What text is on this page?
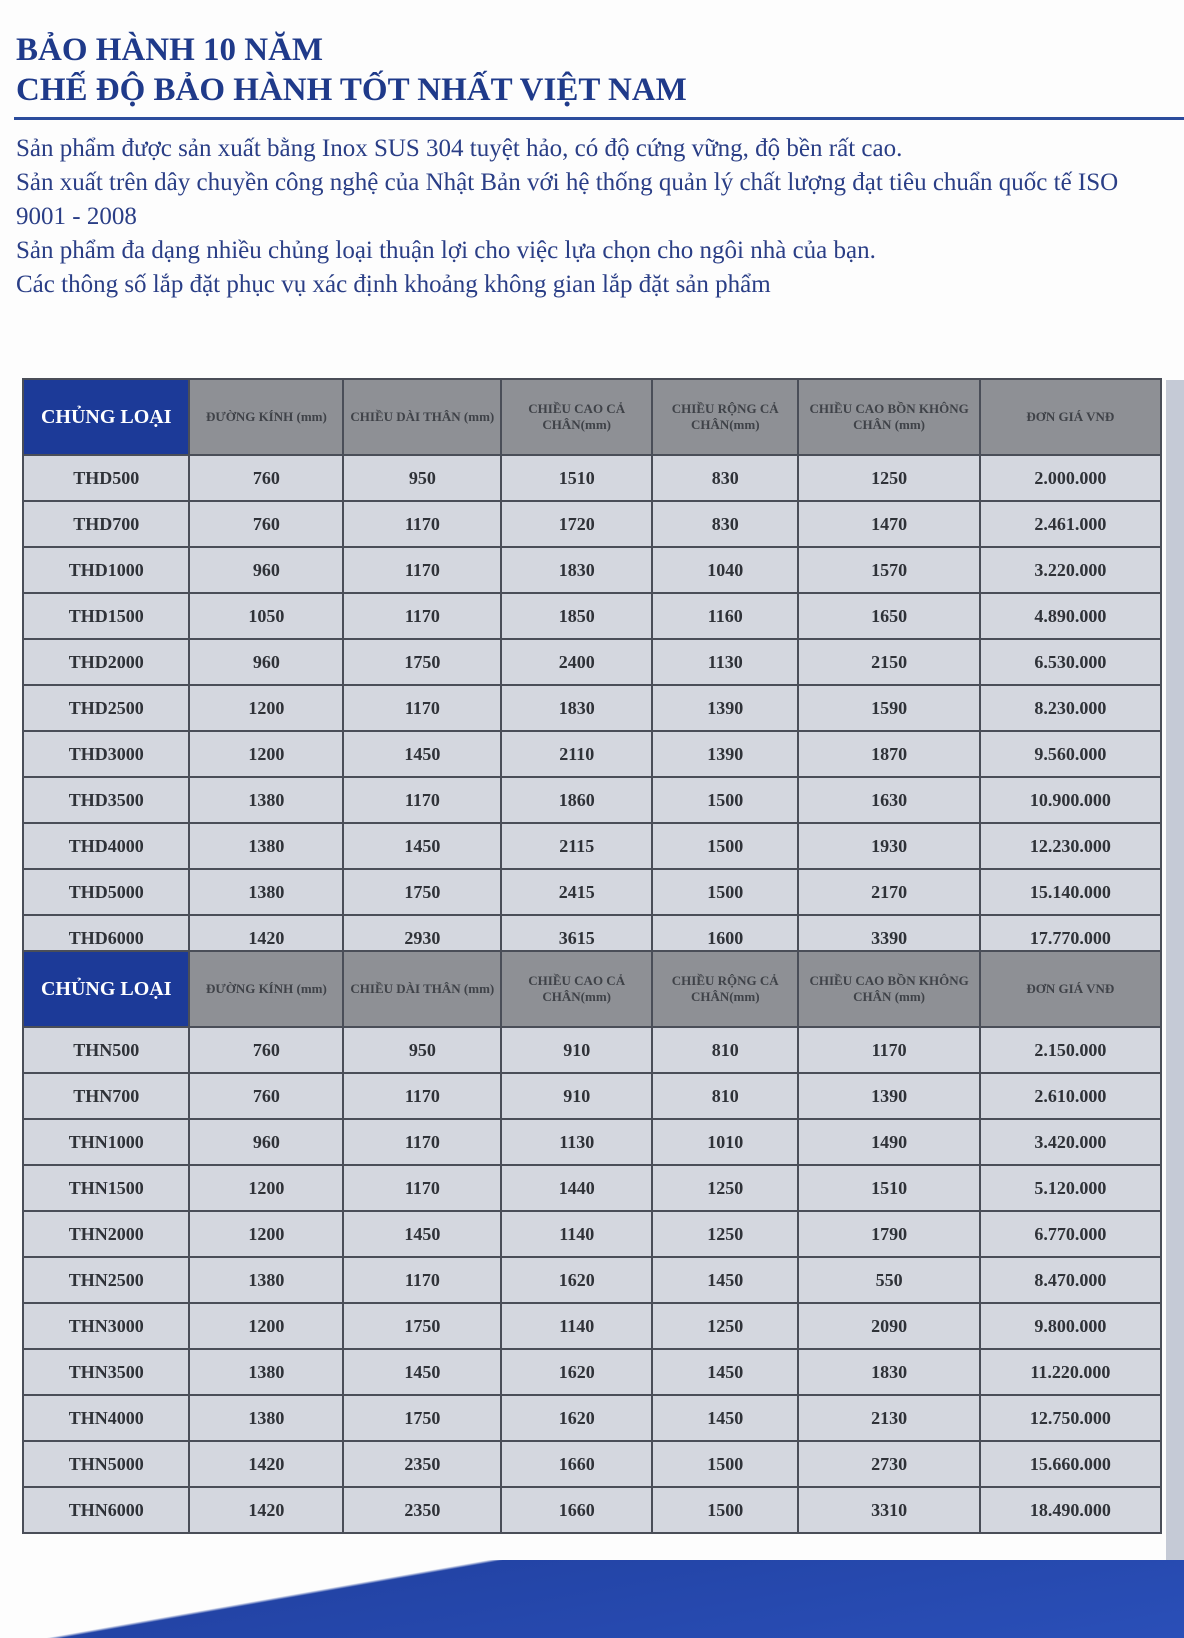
BẢO HÀNH 10 NĂM
CHẾ ĐỘ BẢO HÀNH TỐT NHẤT VIỆT NAM

Sản phẩm được sản xuất bằng Inox SUS 304 tuyệt hảo, có độ cứng vững, độ bền rất cao.

Sản xuất trên dây chuyền công nghệ của Nhật Bản với hệ thống quản lý chất lượng đạt tiêu chuẩn quốc tế ISO 9001 - 2008

Sản phẩm đa dạng nhiều chủng loại thuận lợi cho việc lựa chọn cho ngôi nhà của bạn.

Các thông số lắp đặt phục vụ xác định khoảng không gian lắp đặt sản phẩm

CHỦNG LOẠI	ĐƯỜNG KÍNH (mm)	CHIỀU DÀI THÂN (mm)	CHIỀU CAO CẢ CHÂN(mm)	CHIỀU RỘNG CẢ CHÂN(mm)	CHIỀU CAO BỒN KHÔNG CHÂN (mm)	ĐƠN GIÁ VNĐ
THD500	760	950	1510	830	1250	2.000.000
THD700	760	1170	1720	830	1470	2.461.000
THD1000	960	1170	1830	1040	1570	3.220.000
THD1500	1050	1170	1850	1160	1650	4.890.000
THD2000	960	1750	2400	1130	2150	6.530.000
THD2500	1200	1170	1830	1390	1590	8.230.000
THD3000	1200	1450	2110	1390	1870	9.560.000
THD3500	1380	1170	1860	1500	1630	10.900.000
THD4000	1380	1450	2115	1500	1930	12.230.000
THD5000	1380	1750	2415	1500	2170	15.140.000
THD6000	1420	2930	3615	1600	3390	17.770.000
CHỦNG LOẠI	ĐƯỜNG KÍNH (mm)	CHIỀU DÀI THÂN (mm)	CHIỀU CAO CẢ CHÂN(mm)	CHIỀU RỘNG CẢ CHÂN(mm)	CHIỀU CAO BỒN KHÔNG CHÂN (mm)	ĐƠN GIÁ VNĐ
THN500	760	950	910	810	1170	2.150.000
THN700	760	1170	910	810	1390	2.610.000
THN1000	960	1170	1130	1010	1490	3.420.000
THN1500	1200	1170	1440	1250	1510	5.120.000
THN2000	1200	1450	1140	1250	1790	6.770.000
THN2500	1380	1170	1620	1450	550	8.470.000
THN3000	1200	1750	1140	1250	2090	9.800.000
THN3500	1380	1450	1620	1450	1830	11.220.000
THN4000	1380	1750	1620	1450	2130	12.750.000
THN5000	1420	2350	1660	1500	2730	15.660.000
THN6000	1420	2350	1660	1500	3310	18.490.000
